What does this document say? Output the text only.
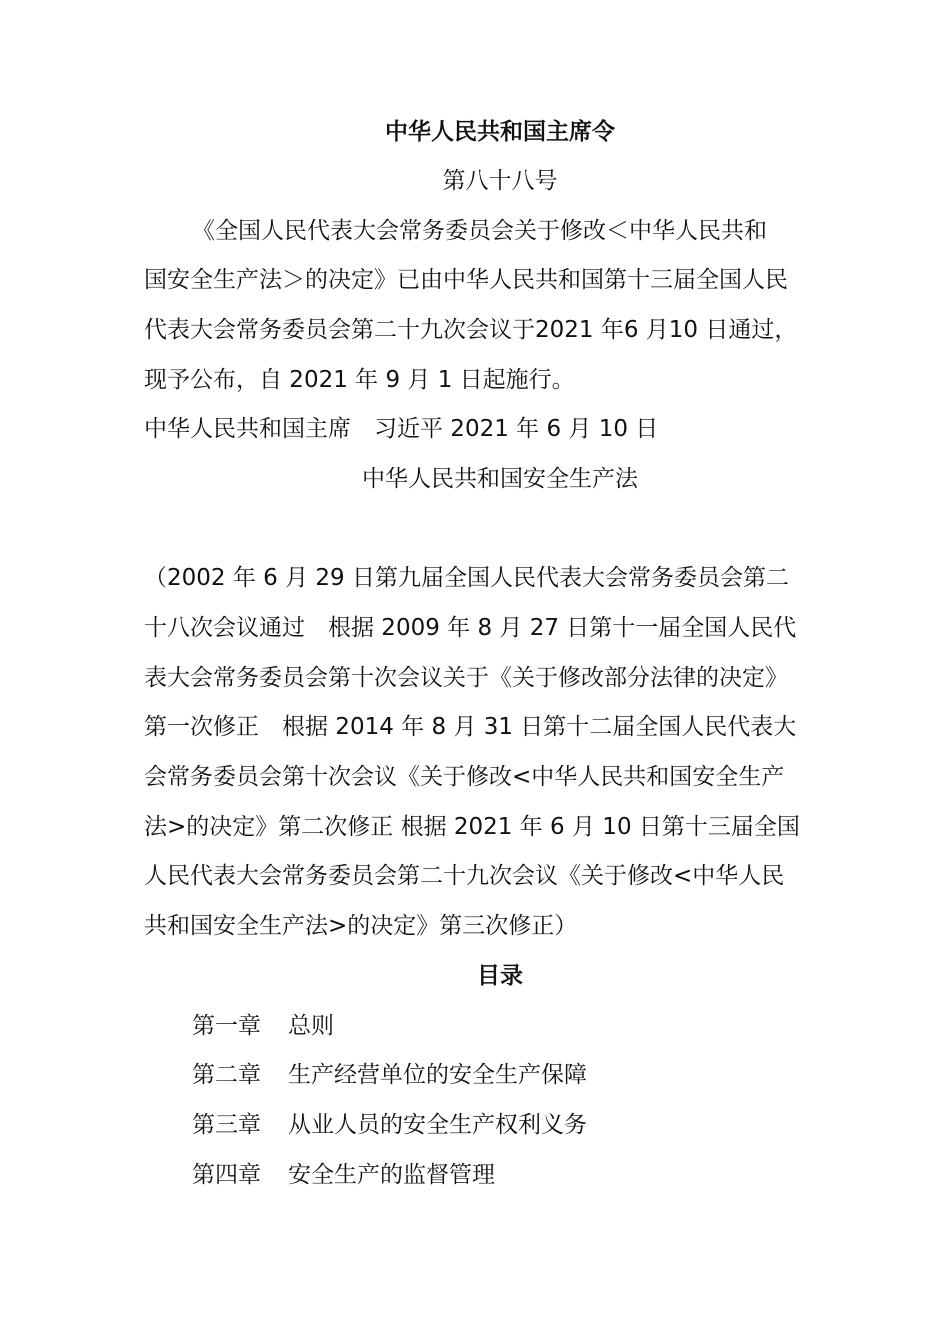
中华人民共和国主席令
第八十八号
《全国人民代表大会常务委员会关于修改＜中华人民共和
国安全生产法＞的决定》已由中华人民共和国第十三届全国人民
代表大会常务委员会第二十九次会议于2021 年6 月10 日通过，
现予公布，自 2021 年 9 月 1 日起施行。
中华人民共和国主席　习近平 2021 年 6 月 10 日
中华人民共和国安全生产法
（2002 年 6 月 29 日第九届全国人民代表大会常务委员会第二
十八次会议通过　根据 2009 年 8 月 27 日第十一届全国人民代
表大会常务委员会第十次会议关于《关于修改部分法律的决定》
第一次修正　根据 2014 年 8 月 31 日第十二届全国人民代表大
会常务委员会第十次会议《关于修改<中华人民共和国安全生产
法>的决定》第二次修正 根据 2021 年 6 月 10 日第十三届全国
人民代表大会常务委员会第二十九次会议《关于修改<中华人民
共和国安全生产法>的决定》第三次修正）
目录
第一章 总则
第二章 生产经营单位的安全生产保障
第三章 从业人员的安全生产权利义务
第四章 安全生产的监督管理
